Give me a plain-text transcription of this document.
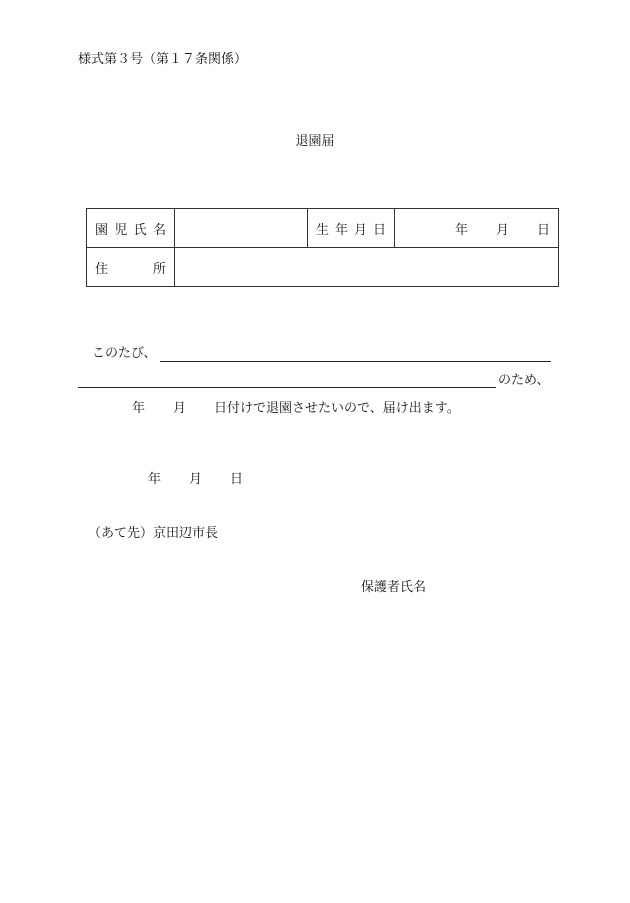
様式第３号（第１７条関係）
退園届
園 児 氏 名		生 年 月 日	年 月 日

住 所			

このたび、
のため、
年 月 日付けで退園させたいので、届け出ます。
年 月 日
（あて先）京田辺市長
保護者氏名
